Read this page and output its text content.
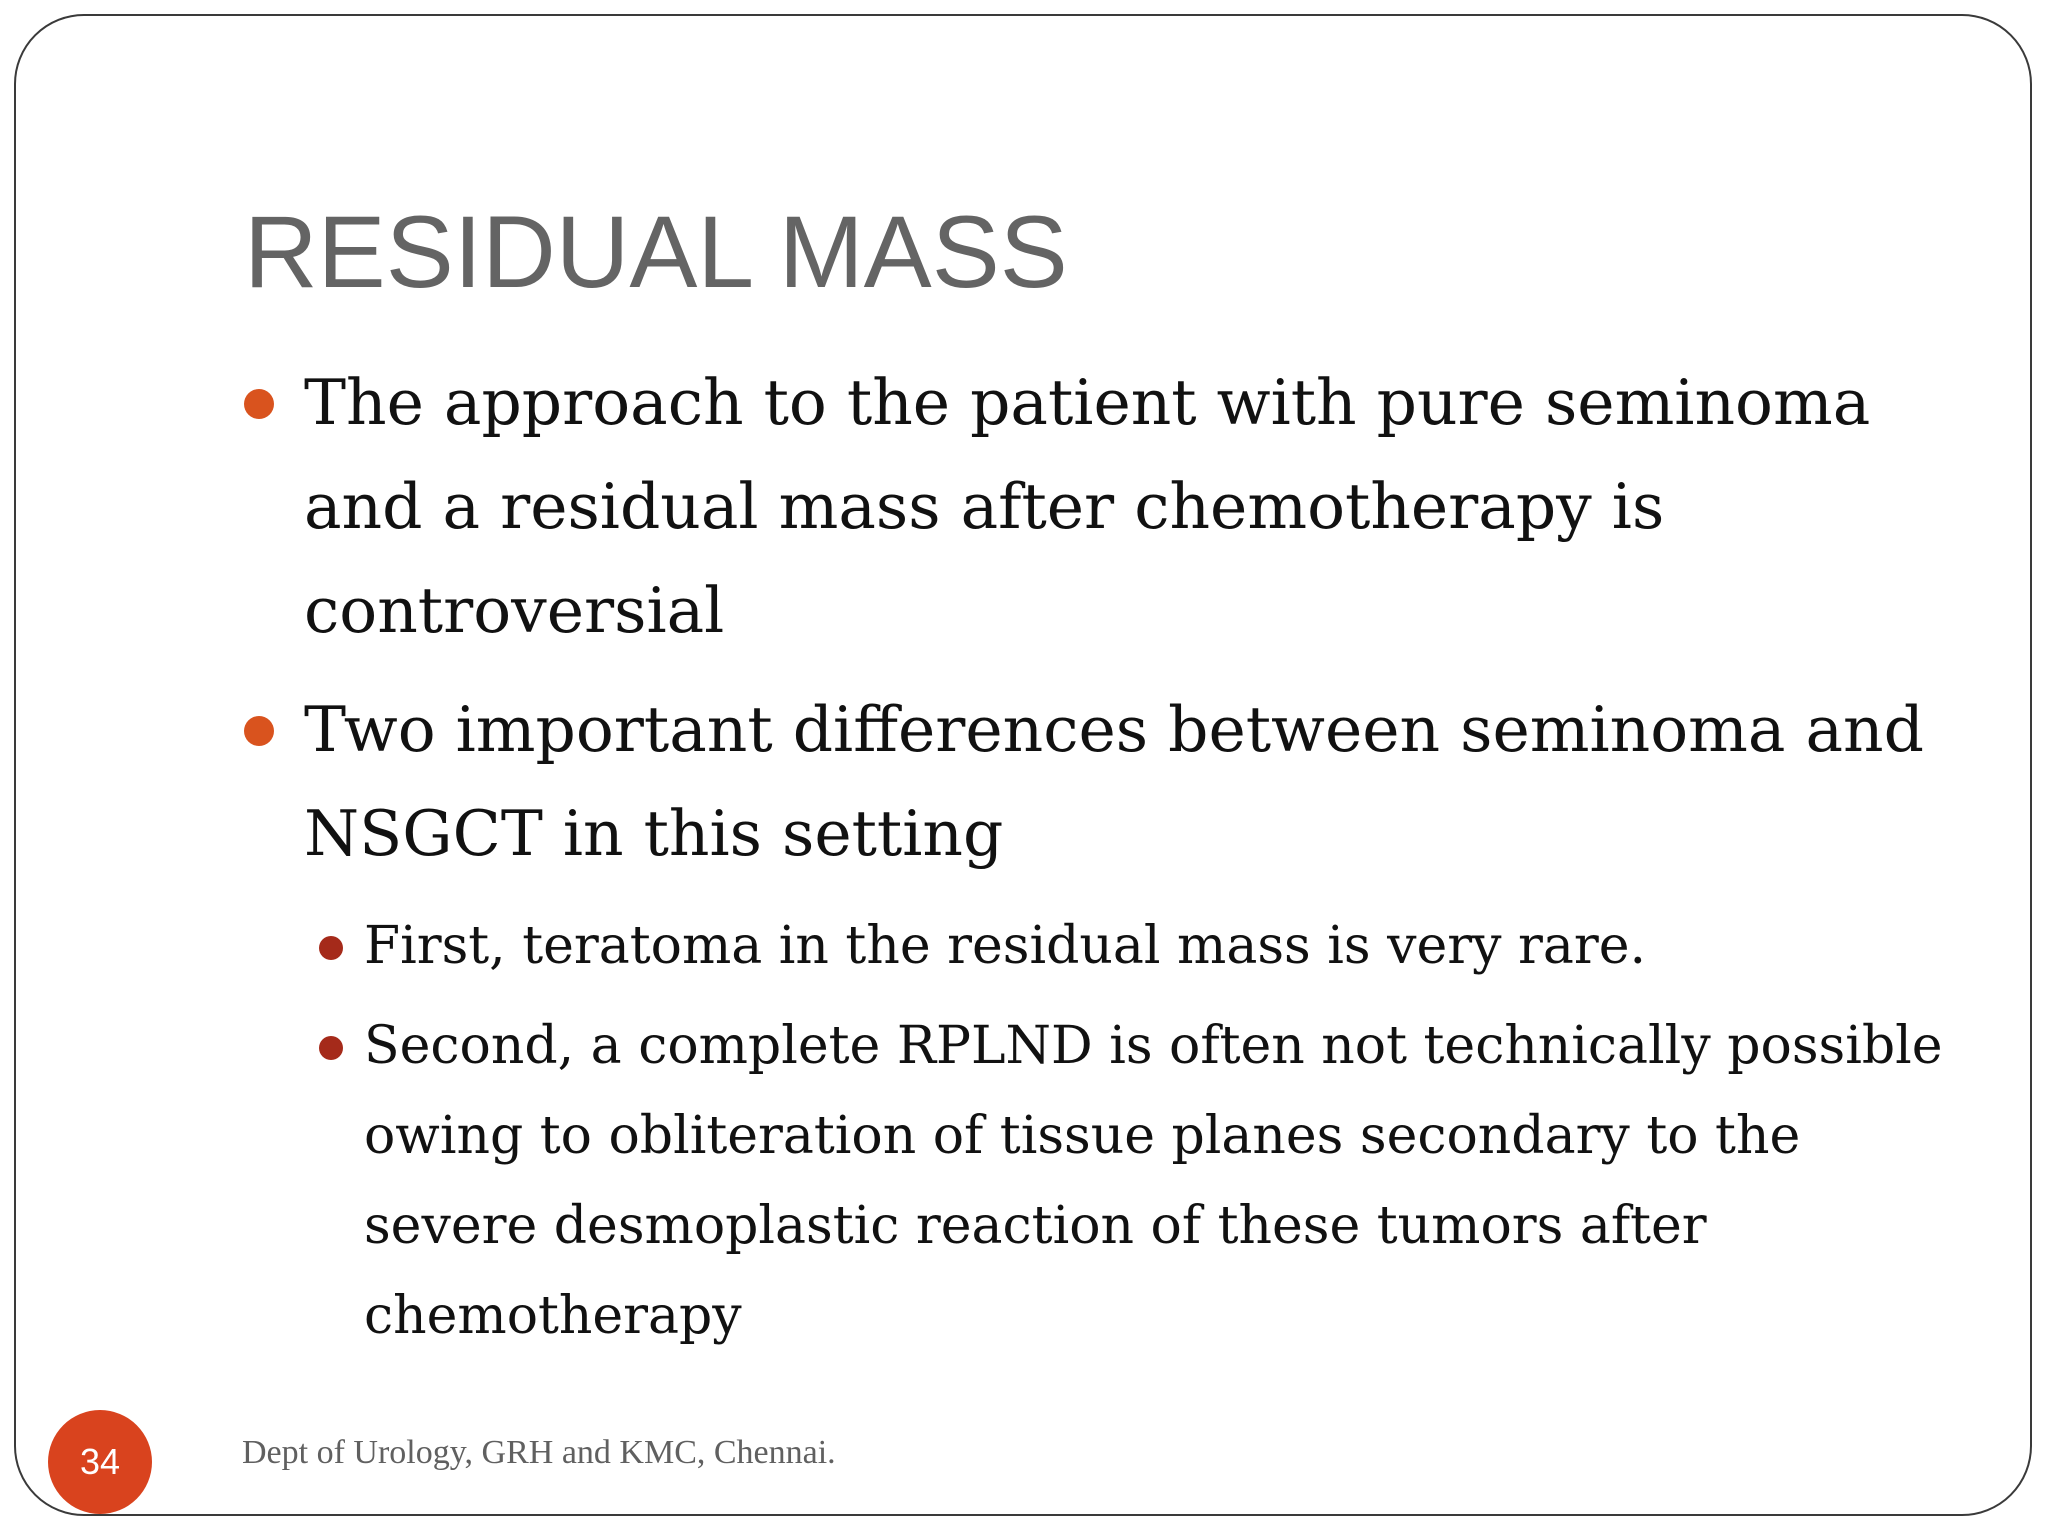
RESIDUAL MASS
The approach to the patient with pure seminoma and a residual mass after chemotherapy is controversial
Two important differences between seminoma and NSGCT in this setting
First, teratoma in the residual mass is very rare.
Second, a complete RPLND is often not technically possible owing to obliteration of tissue planes secondary to the severe desmoplastic reaction of these tumors after chemotherapy
34	Dept of Urology, GRH and KMC, Chennai.
